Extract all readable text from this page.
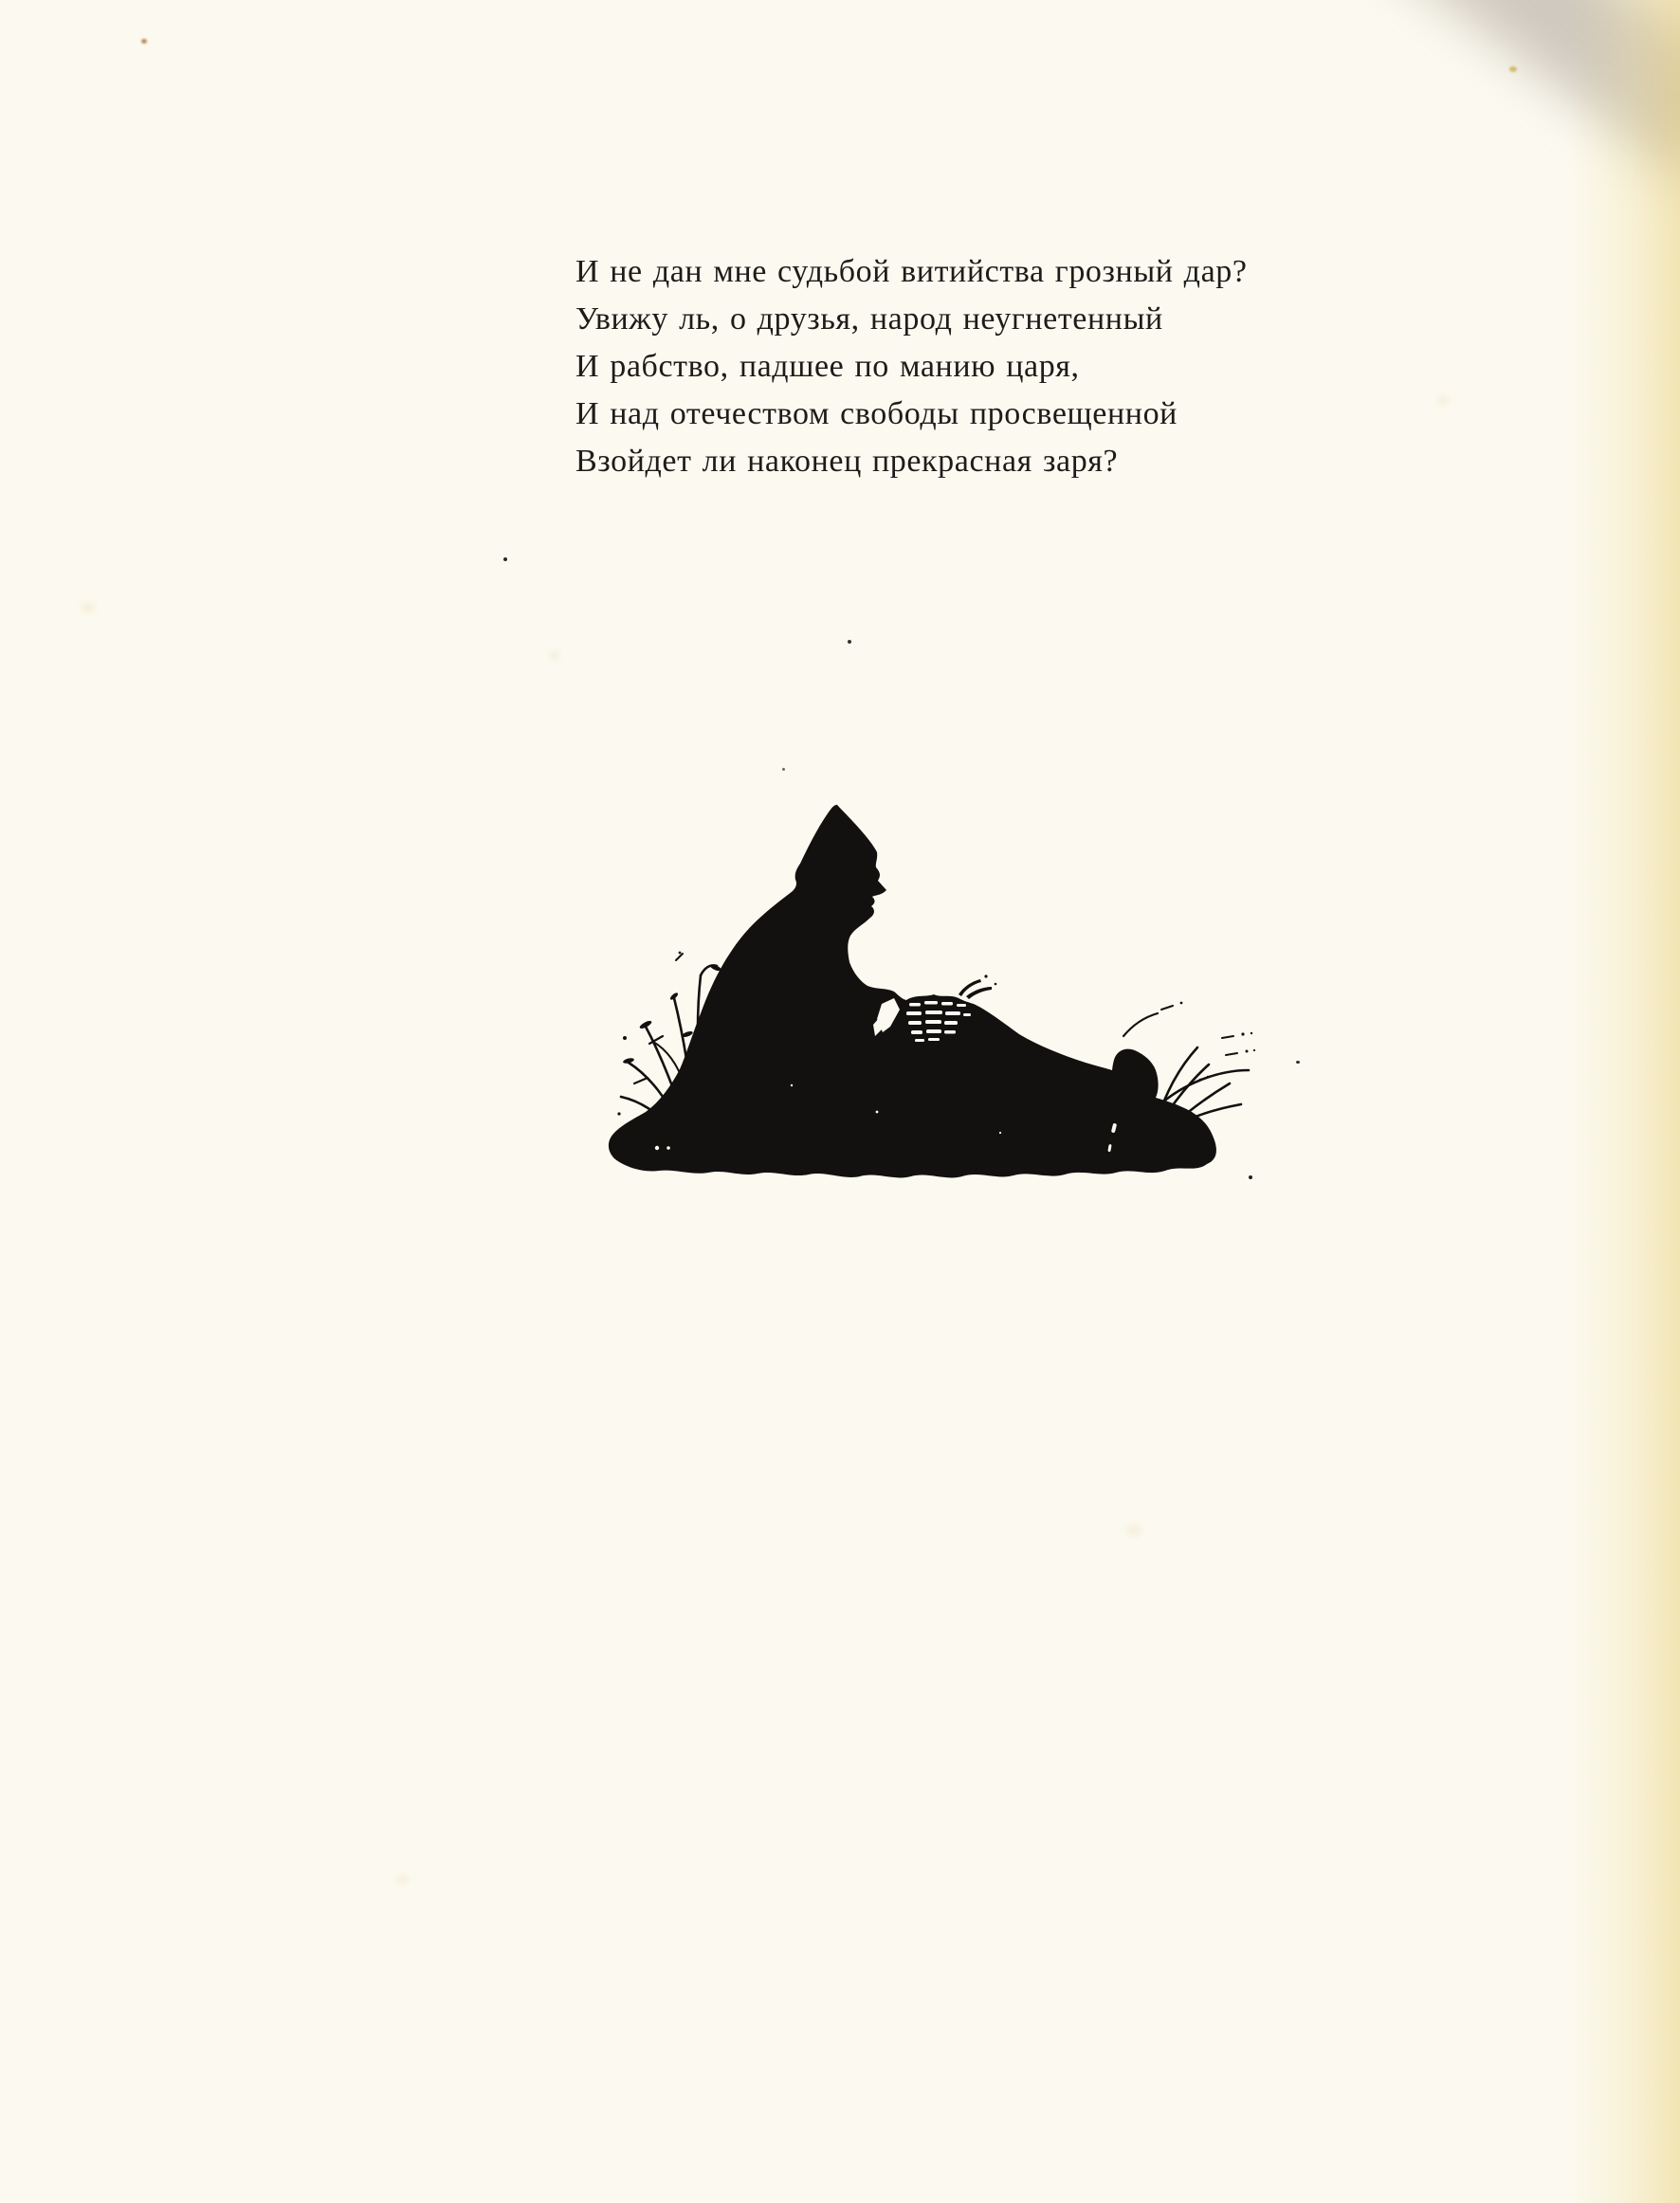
И не дан мне судьбой витийства грозный дар?
Увижу ль, о друзья, народ неугнетенный
И рабство, падшее по манию царя,
И над отечеством свободы просвещенной
Взойдет ли наконец прекрасная заря?
